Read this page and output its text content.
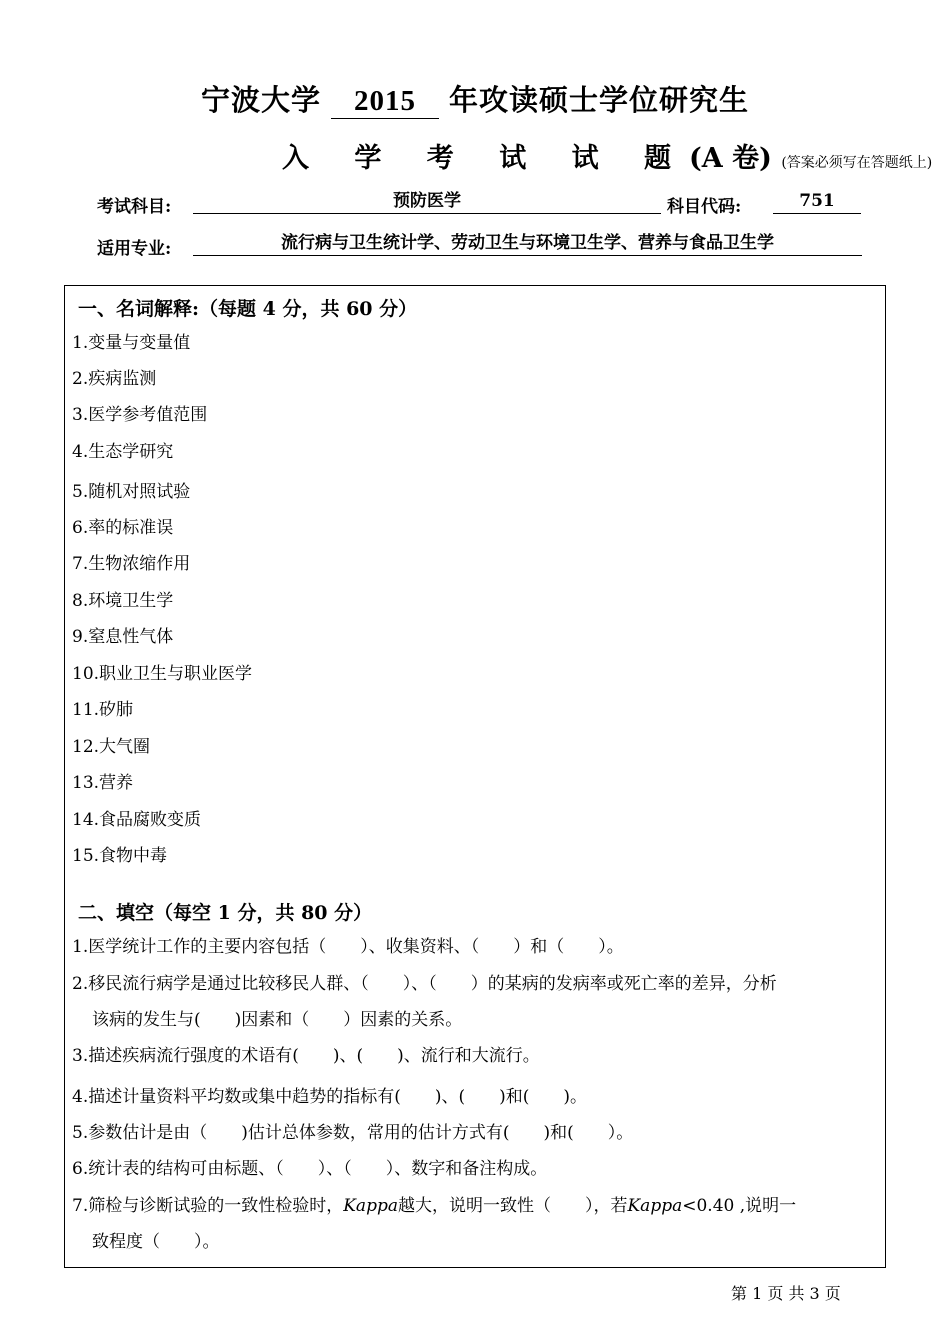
宁波大学 2015 年攻读硕士学位研究生
入 学 考 试 试 题(A 卷) (答案必须写在答题纸上)
考试科目:	预防医学	科目代码:	751
适用专业:	流行病与卫生统计学、劳动卫生与环境卫生学、营养与食品卫生学
一、名词解释:（每题 4 分，共 60 分）
1.变量与变量值
2.疾病监测
3.医学参考值范围
4.生态学研究
5.随机对照试验
6.率的标准误
7.生物浓缩作用
8.环境卫生学
9.窒息性气体
10.职业卫生与职业医学
11.矽肺
12.大气圈
13.营养
14.食品腐败变质
15.食物中毒
二、填空（每空 1 分，共 80 分）
1.医学统计工作的主要内容包括（　　）、收集资料、（　　）和（　　）。
2.移民流行病学是通过比较移民人群、（　　）、（　　）的某病的发病率或死亡率的差异，分析
该病的发生与(　　)因素和（　　）因素的关系。
3.描述疾病流行强度的术语有(　　)、(　　)、流行和大流行。
4.描述计量资料平均数或集中趋势的指标有(　　)、(　　)和(　　)。
5.参数估计是由（　　)估计总体参数，常用的估计方式有(　　)和(　　）。
6.统计表的结构可由标题、（　　）、（　　）、数字和备注构成。
7.筛检与诊断试验的一致性检验时，Kappa越大，说明一致性（　　），若Kappa<0.40 ,说明一
致程度（　　）。
第 1 页 共 3 页
